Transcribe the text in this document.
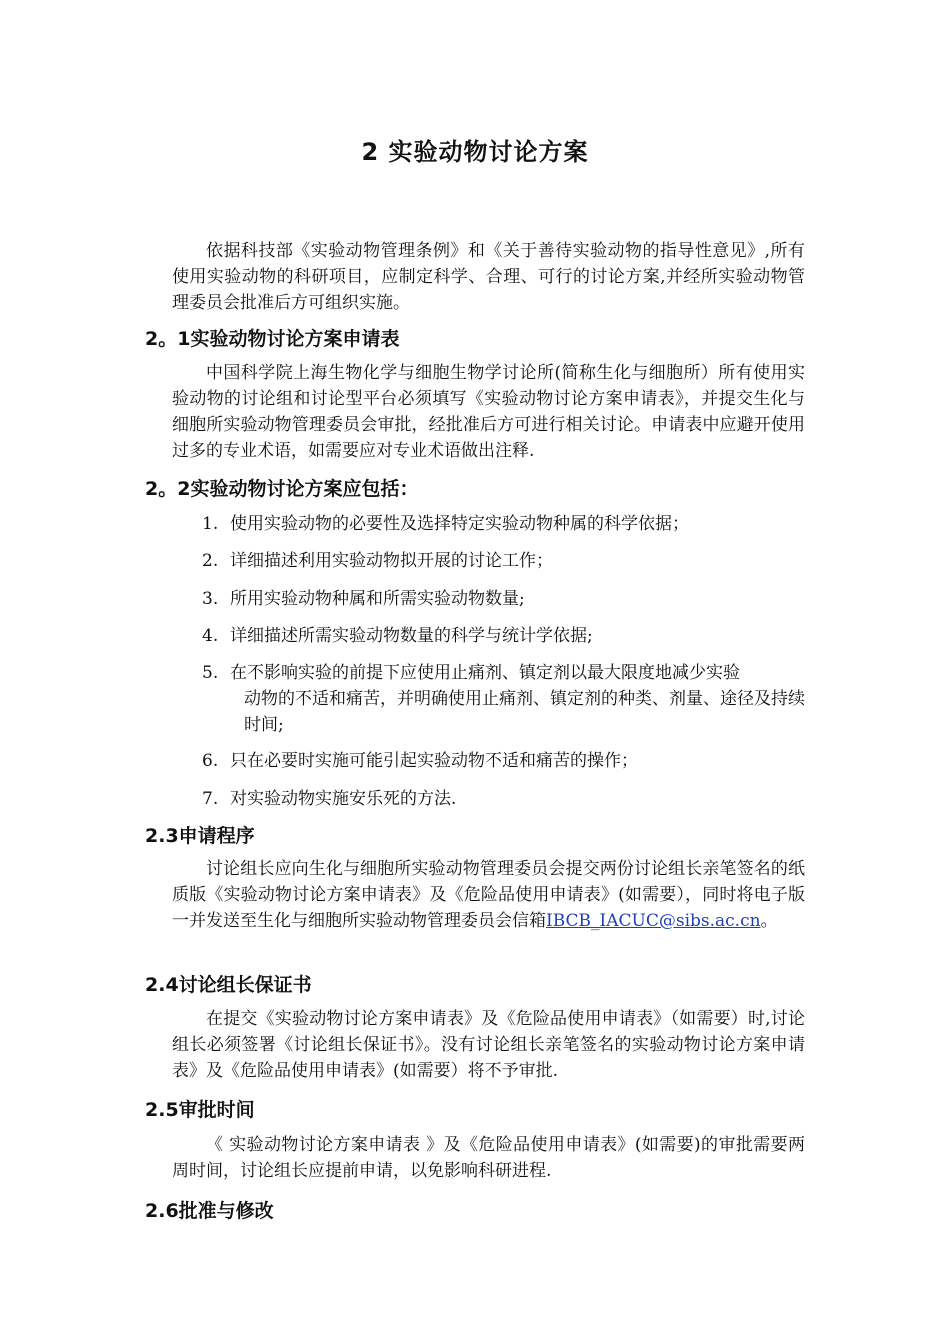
2 实验动物讨论方案

依据科技部《实验动物管理条例》和《关于善待实验动物的指导性意见》,所有使用实验动物的科研项目，应制定科学、合理、可行的讨论方案,并经所实验动物管理委员会批准后方可组织实施。

2。1实验动物讨论方案申请表

中国科学院上海生物化学与细胞生物学讨论所(简称生化与细胞所）所有使用实验动物的讨论组和讨论型平台必须填写《实验动物讨论方案申请表》，并提交生化与细胞所实验动物管理委员会审批，经批准后方可进行相关讨论。申请表中应避开使用过多的专业术语，如需要应对专业术语做出注释.

2。2实验动物讨论方案应包括：

1. 使用实验动物的必要性及选择特定实验动物种属的科学依据；

2. 详细描述利用实验动物拟开展的讨论工作；

3. 所用实验动物种属和所需实验动物数量;

4. 详细描述所需实验动物数量的科学与统计学依据;

5. 在不影响实验的前提下应使用止痛剂、镇定剂以最大限度地减少实验
动物的不适和痛苦，并明确使用止痛剂、镇定剂的种类、剂量、途径及持续时间;

6. 只在必要时实施可能引起实验动物不适和痛苦的操作；

7. 对实验动物实施安乐死的方法.

2.3申请程序

讨论组长应向生化与细胞所实验动物管理委员会提交两份讨论组长亲笔签名的纸质版《实验动物讨论方案申请表》及《危险品使用申请表》(如需要），同时将电子版一并发送至生化与细胞所实验动物管理委员会信箱IBCB_IACUC@sibs.ac.cn。

2.4讨论组长保证书

在提交《实验动物讨论方案申请表》及《危险品使用申请表》（如需要）时,讨论组长必须签署《讨论组长保证书》。没有讨论组长亲笔签名的实验动物讨论方案申请表》及《危险品使用申请表》(如需要）将不予审批.

2.5审批时间

《 实验动物讨论方案申请表 》及《危险品使用申请表》(如需要)的审批需要两周时间，讨论组长应提前申请，以免影响科研进程.

2.6批准与修改
